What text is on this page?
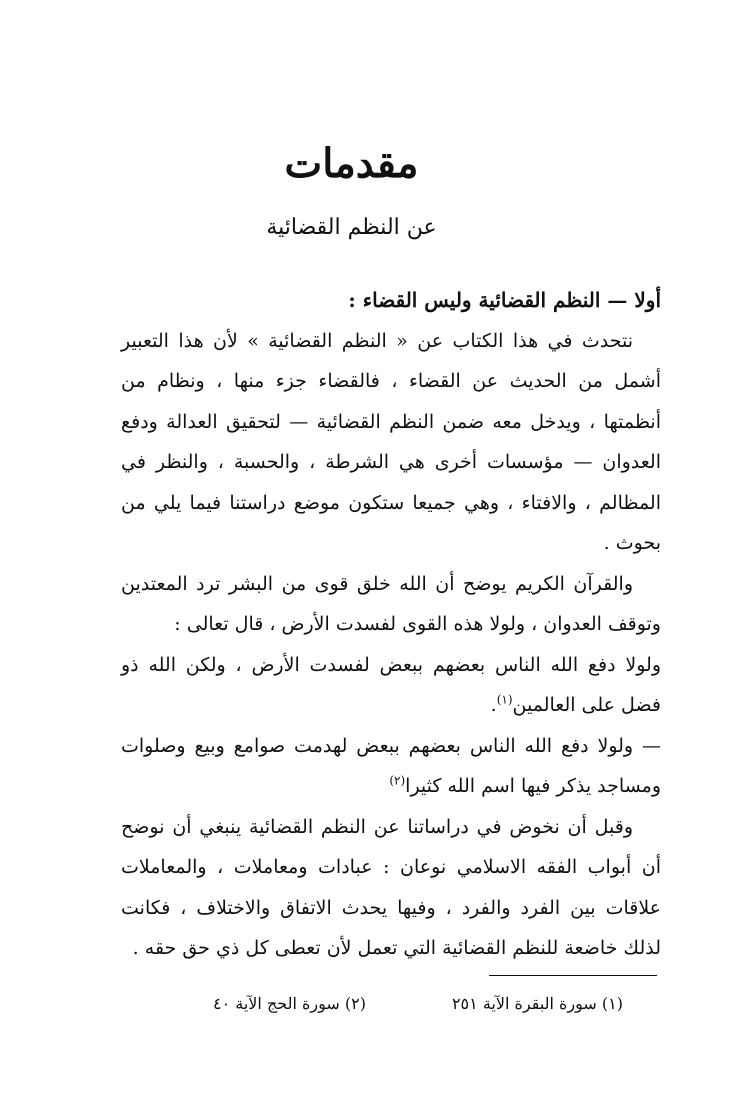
مقدمات
عن النظم القضائية

أولا — النظم القضائية وليس القضاء :

نتحدث في هذا الكتاب عن « النظم القضائية » لأن هذا التعبير أشمل من الحديث عن القضاء ، فالقضاء جزء منها ، ونظام من أنظمتها ، ويدخل معه ضمن النظم القضائية — لتحقيق العدالة ودفع العدوان — مؤسسات أخرى هي الشرطة ، والحسبة ، والنظر في المظالم ، والافتاء ، وهي جميعا ستكون موضع دراستنا فيما يلي من بحوث .

والقرآن الكريم يوضح أن الله خلق قوى من البشر ترد المعتدين وتوقف العدوان ، ولولا هذه القوى لفسدت الأرض ، قال تعالى :

ولولا دفع الله الناس بعضهم ببعض لفسدت الأرض ، ولكن الله ذو فضل على العالمين$^{(١)}$.

— ولولا دفع الله الناس بعضهم ببعض لهدمت صوامع وبيع وصلوات ومساجد يذكر فيها اسم الله كثيرا$^{(٢)}$

وقبل أن نخوض في دراساتنا عن النظم القضائية ينبغي أن نوضح أن أبواب الفقه الاسلامي نوعان : عبادات ومعاملات ، والمعاملات علاقات بين الفرد والفرد ، وفيها يحدث الاتفاق والاختلاف ، فكانت لذلك خاضعة للنظم القضائية التي تعمل لأن تعطى كل ذي حق حقه .

(١) سورة البقرة الآية ٢٥١
(٢) سورة الحج الآية ٤٠
